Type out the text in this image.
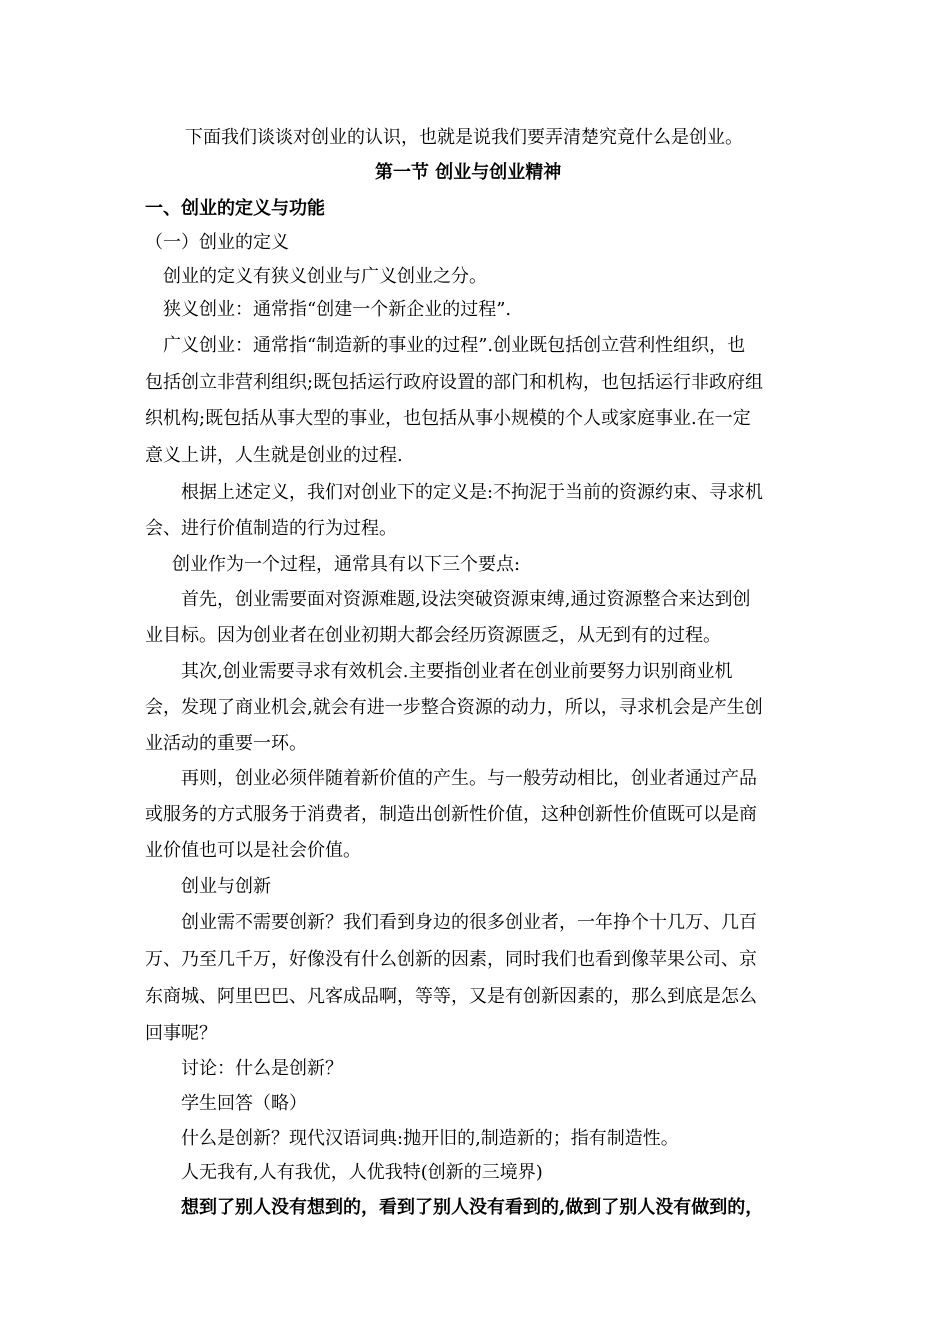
下面我们谈谈对创业的认识，也就是说我们要弄清楚究竟什么是创业。
第一节 创业与创业精神
一、创业的定义与功能
（一）创业的定义
创业的定义有狭义创业与广义创业之分。
狭义创业：通常指“创建一个新企业的过程”.
广义创业：通常指“制造新的事业的过程”.创业既包括创立营利性组织，也
包括创立非营利组织;既包括运行政府设置的部门和机构，也包括运行非政府组
织机构;既包括从事大型的事业，也包括从事小规模的个人或家庭事业.在一定
意义上讲，人生就是创业的过程.
根据上述定义，我们对创业下的定义是:不拘泥于当前的资源约束、寻求机
会、进行价值制造的行为过程。
创业作为一个过程，通常具有以下三个要点:
首先，创业需要面对资源难题,设法突破资源束缚,通过资源整合来达到创
业目标。因为创业者在创业初期大都会经历资源匮乏，从无到有的过程。
其次,创业需要寻求有效机会.主要指创业者在创业前要努力识别商业机
会，发现了商业机会,就会有进一步整合资源的动力，所以，寻求机会是产生创
业活动的重要一环。
再则，创业必须伴随着新价值的产生。与一般劳动相比，创业者通过产品
或服务的方式服务于消费者，制造出创新性价值，这种创新性价值既可以是商
业价值也可以是社会价值。
创业与创新
创业需不需要创新？我们看到身边的很多创业者，一年挣个十几万、几百
万、乃至几千万，好像没有什么创新的因素，同时我们也看到像苹果公司、京
东商城、阿里巴巴、凡客成品啊，等等，又是有创新因素的，那么到底是怎么
回事呢？
讨论：什么是创新？
学生回答（略）
什么是创新？现代汉语词典:抛开旧的,制造新的；指有制造性。
人无我有,人有我优，人优我特(创新的三境界)
想到了别人没有想到的，看到了别人没有看到的,做到了别人没有做到的，
